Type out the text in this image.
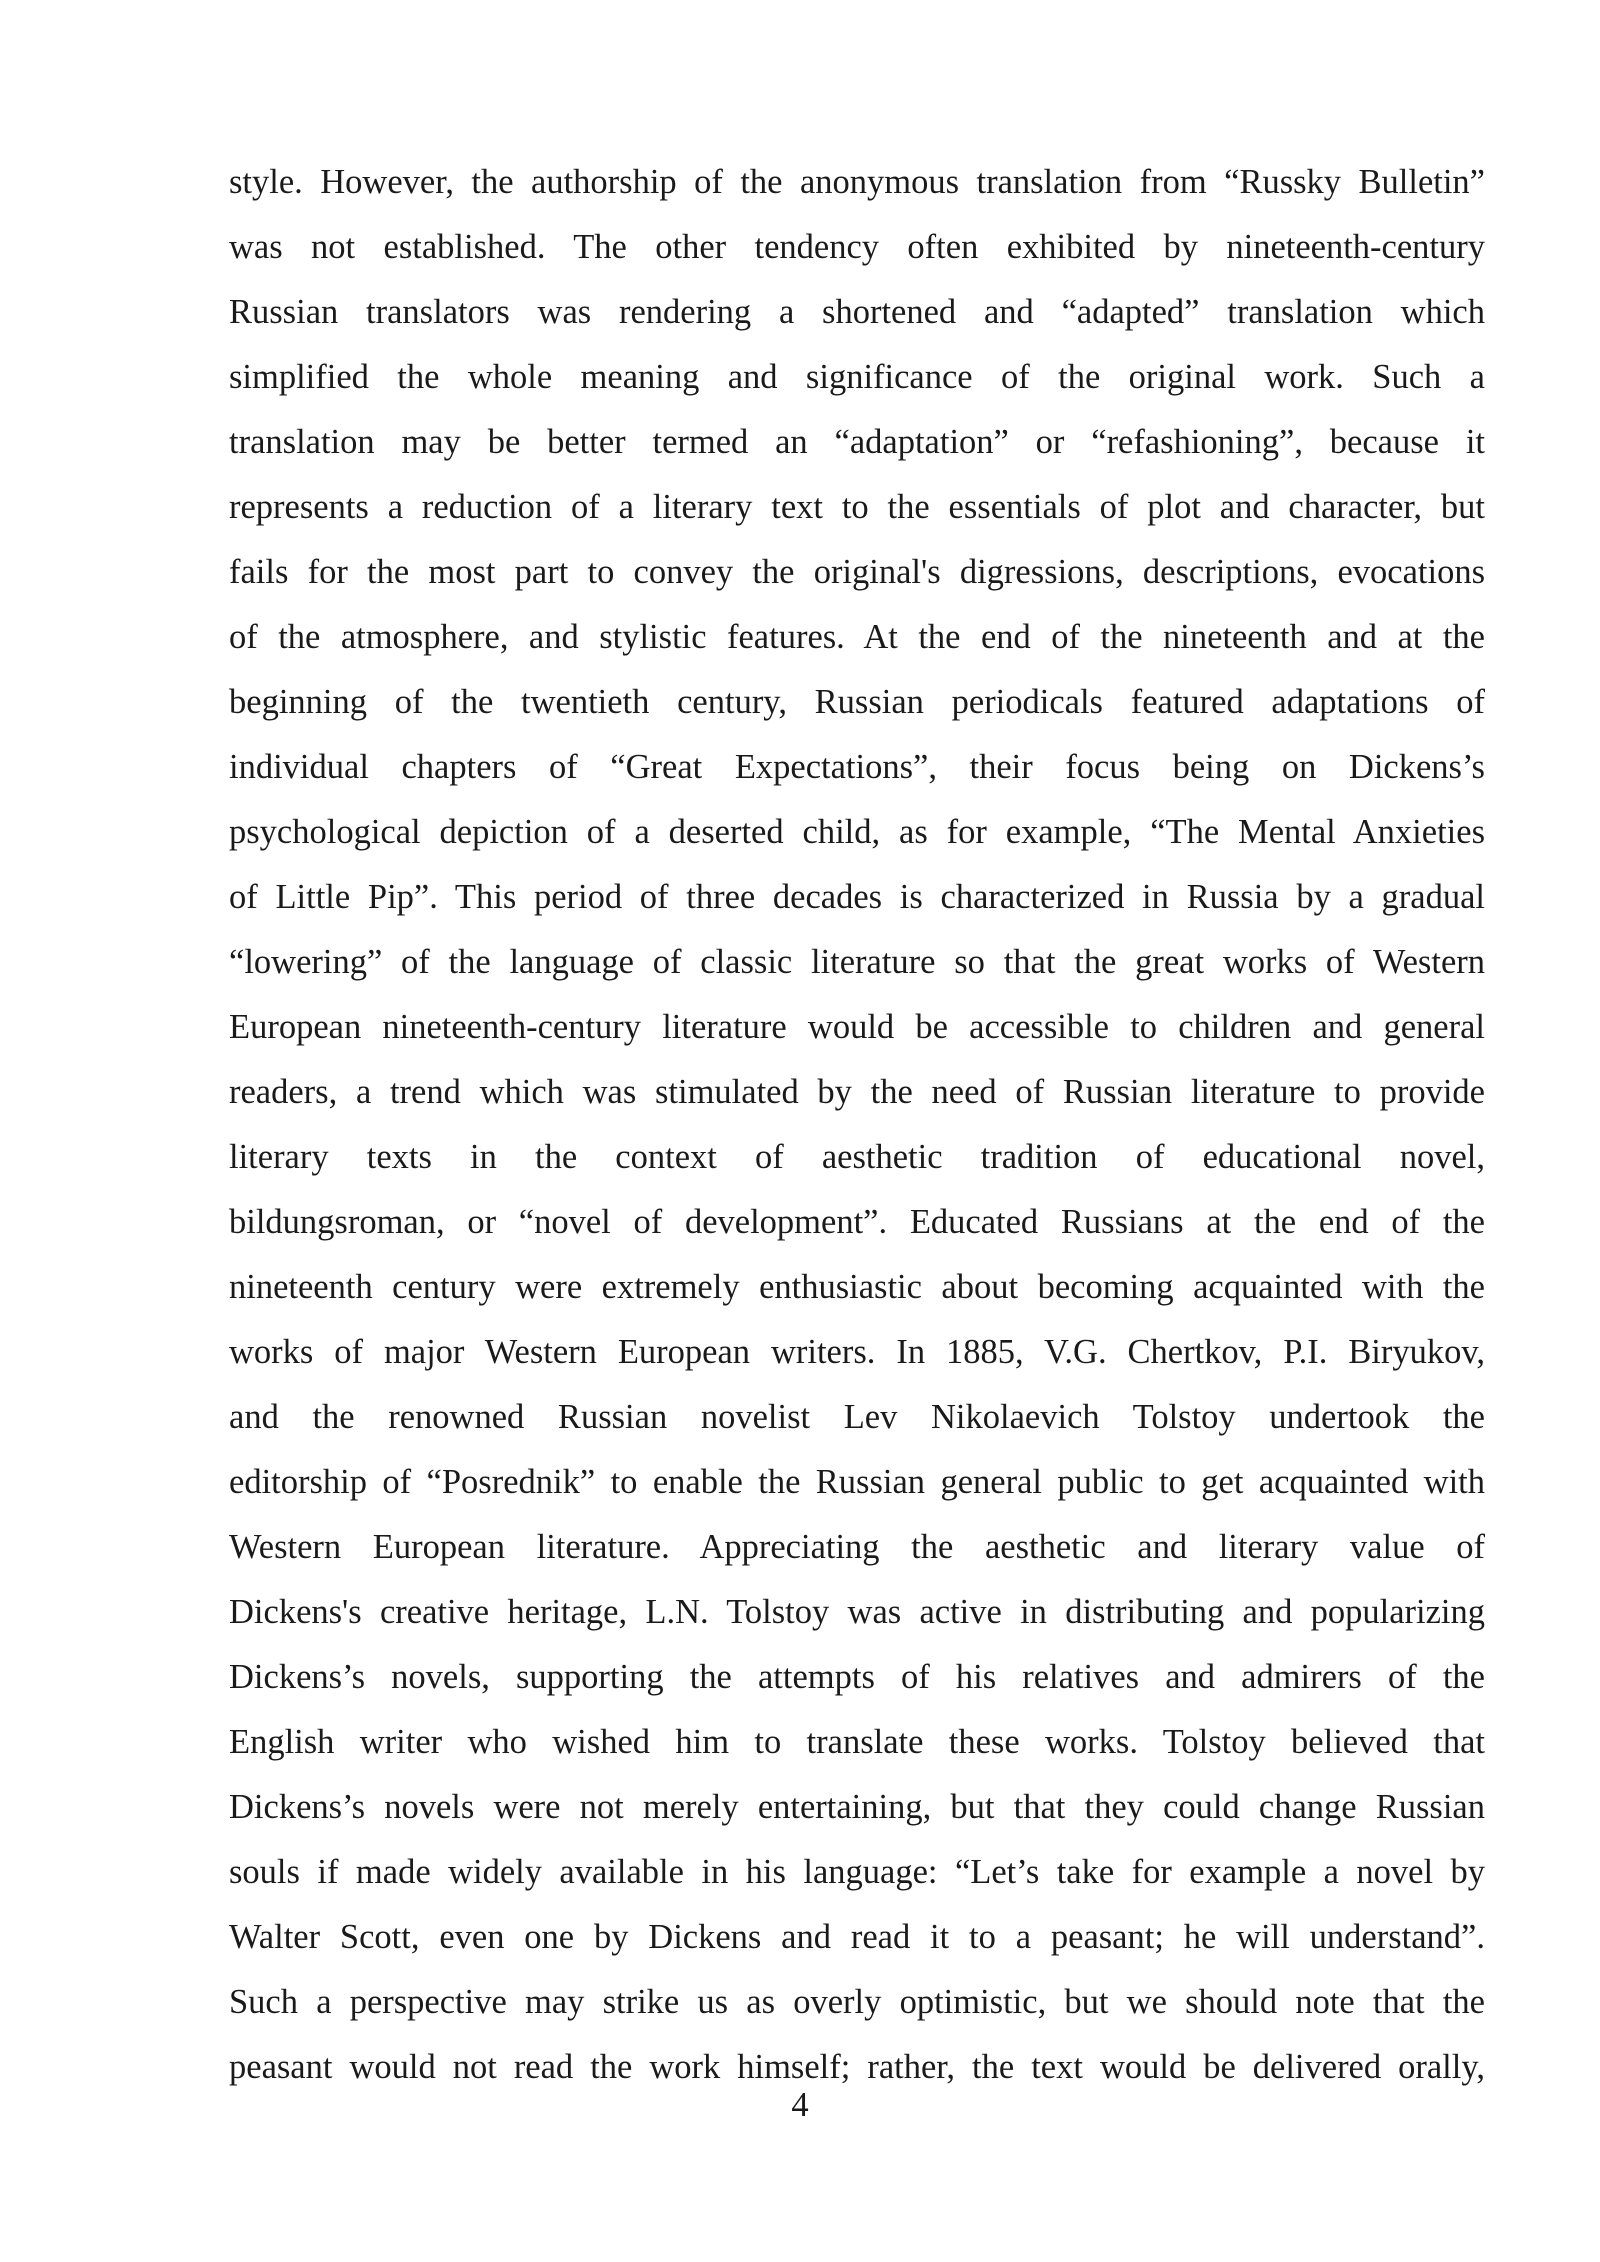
style. However, the authorship of the anonymous translation from “Russky Bulletin”
was not established. The other tendency often exhibited by nineteenth-century
Russian translators was rendering a shortened and “adapted” translation which
simplified the whole meaning and significance of the original work. Such a
translation may be better termed an “adaptation” or “refashioning”, because it
represents a reduction of a literary text to the essentials of plot and character, but
fails for the most part to convey the original's digressions, descriptions, evocations
of the atmosphere, and stylistic features. At the end of the nineteenth and at the
beginning of the twentieth century, Russian periodicals featured adaptations of
individual chapters of “Great Expectations”, their focus being on Dickens’s
psychological depiction of a deserted child, as for example, “The Mental Anxieties
of Little Pip”. This period of three decades is characterized in Russia by a gradual
“lowering” of the language of classic literature so that the great works of Western
European nineteenth-century literature would be accessible to children and general
readers, a trend which was stimulated by the need of Russian literature to provide
literary texts in the context of aesthetic tradition of educational novel,
bildungsroman, or “novel of development”. Educated Russians at the end of the
nineteenth century were extremely enthusiastic about becoming acquainted with the
works of major Western European writers. In 1885, V.G. Chertkov, P.I. Biryukov,
and the renowned Russian novelist Lev Nikolaevich Tolstoy undertook the
editorship of “Posrednik” to enable the Russian general public to get acquainted with
Western European literature. Appreciating the aesthetic and literary value of
Dickens's creative heritage, L.N. Tolstoy was active in distributing and popularizing
Dickens’s novels, supporting the attempts of his relatives and admirers of the
English writer who wished him to translate these works. Tolstoy believed that
Dickens’s novels were not merely entertaining, but that they could change Russian
souls if made widely available in his language: “Let’s take for example a novel by
Walter Scott, even one by Dickens and read it to a peasant; he will understand”.
Such a perspective may strike us as overly optimistic, but we should note that the
peasant would not read the work himself; rather, the text would be delivered orally,

4
